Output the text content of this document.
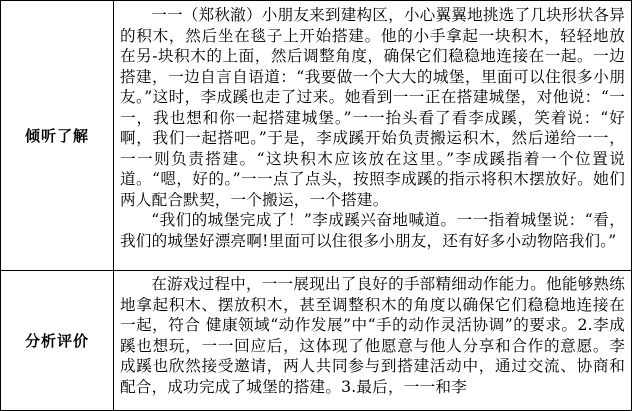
倾听了解	一一（郑秋澈）小朋友来到建构区，小心翼翼地挑选了几块形状各异的积木，然后坐在毯子上开始搭建。他的小手拿起一块积木，轻轻地放在另-块积木的上面，然后调整角度，确保它们稳稳地连接在一起。一边搭建，一边自言自语道：“我要做一个大大的城堡，里面可以住很多小朋友。”这时，李成蹊也走了过来。她看到一一正在搭建城堡，对他说：“一一，我也想和你一起搭建城堡。”一一抬头看了看李成蹊，笑着说：“好啊，我们一起搭吧。”于是，李成蹊开始负责搬运积木，然后递给一一，一一则负责搭建。“这块积木应该放在这里。”李成蹊指着一个位置说道。“嗯，好的。”一一点了点头，按照李成蹊的指示将积木摆放好。她们两人配合默契，一个搬运，一个搭建。

“我们的城堡完成了！”李成蹊兴奋地喊道。一一指着城堡说：“看，我们的城堡好漂亮啊!里面可以住很多小朋友，还有好多小动物陪我们。”

分析评价	在游戏过程中，一一展现出了良好的手部精细动作能力。他能够熟练地拿起积木、摆放积木，甚至调整积木的角度以确保它们稳稳地连接在一起，符合 健康领域“动作发展”中“手的动作灵活协调”的要求。2.李成蹊也想玩，一一回应后，这体现了他愿意与他人分享和合作的意愿。李成蹊也欣然接受邀请，两人共同参与到搭建活动中，通过交流、协商和配合，成功完成了城堡的搭建。3.最后，一一和李
